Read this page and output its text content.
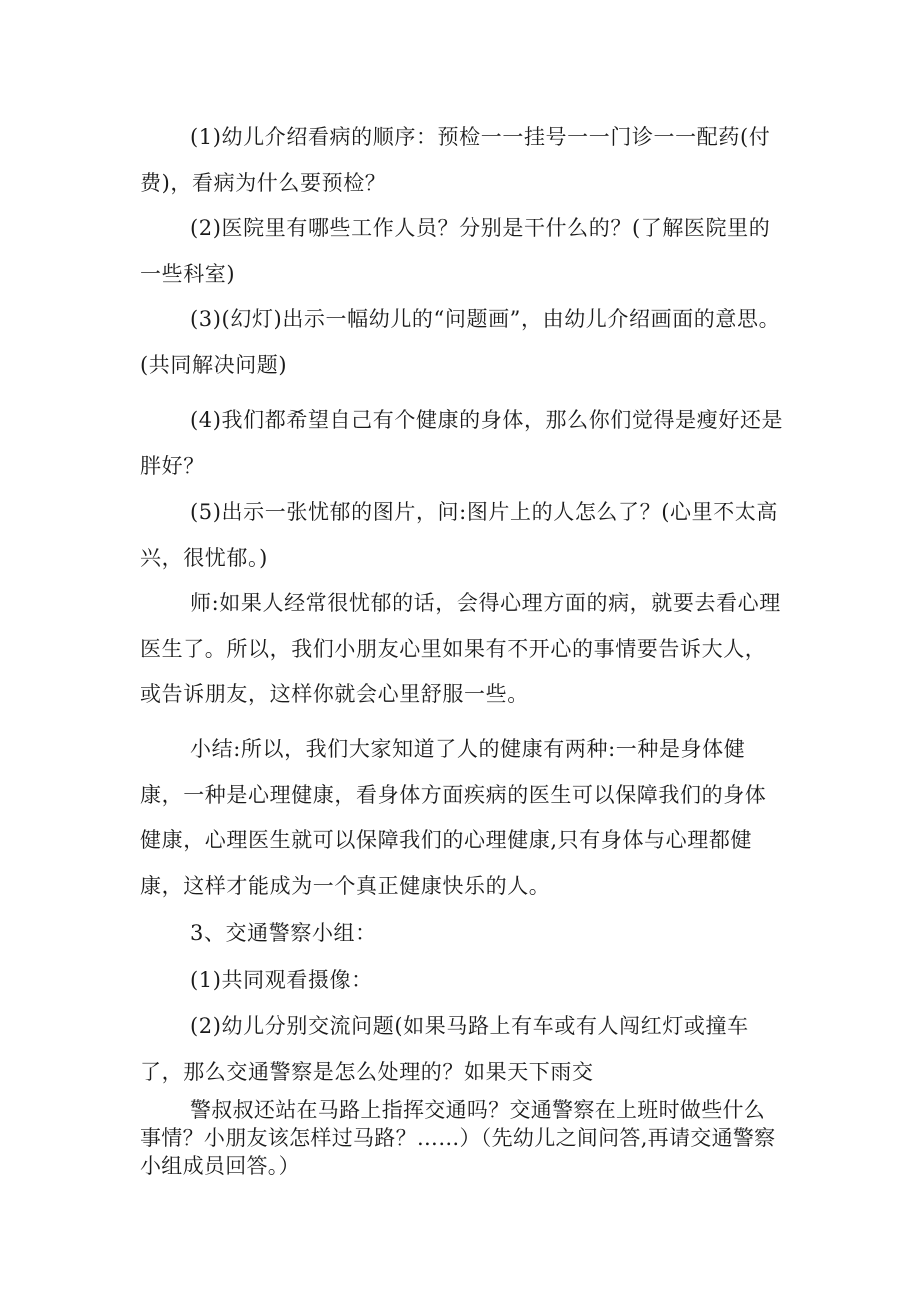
(1)幼儿介绍看病的顺序：预检一一挂号一一门诊一一配药(付费)，看病为什么要预检？

(2)医院里有哪些工作人员？分别是干什么的？(了解医院里的一些科室)

(3)(幻灯)出示一幅幼儿的“问题画”，由幼儿介绍画面的意思。(共同解决问题)

(4)我们都希望自己有个健康的身体，那么你们觉得是瘦好还是胖好？

(5)出示一张忧郁的图片，问:图片上的人怎么了？(心里不太高兴，很忧郁。)

师:如果人经常很忧郁的话，会得心理方面的病，就要去看心理医生了。所以，我们小朋友心里如果有不开心的事情要告诉大人，或告诉朋友，这样你就会心里舒服一些。

小结:所以，我们大家知道了人的健康有两种:一种是身体健康，一种是心理健康，看身体方面疾病的医生可以保障我们的身体健康，心理医生就可以保障我们的心理健康,只有身体与心理都健康，这样才能成为一个真正健康快乐的人。

3、交通警察小组：

(1)共同观看摄像：

(2)幼儿分别交流问题(如果马路上有车或有人闯红灯或撞车了，那么交通警察是怎么处理的？如果天下雨交

警叔叔还站在马路上指挥交通吗？交通警察在上班时做些什么事情？小朋友该怎样过马路？……）（先幼儿之间问答,再请交通警察小组成员回答。）
